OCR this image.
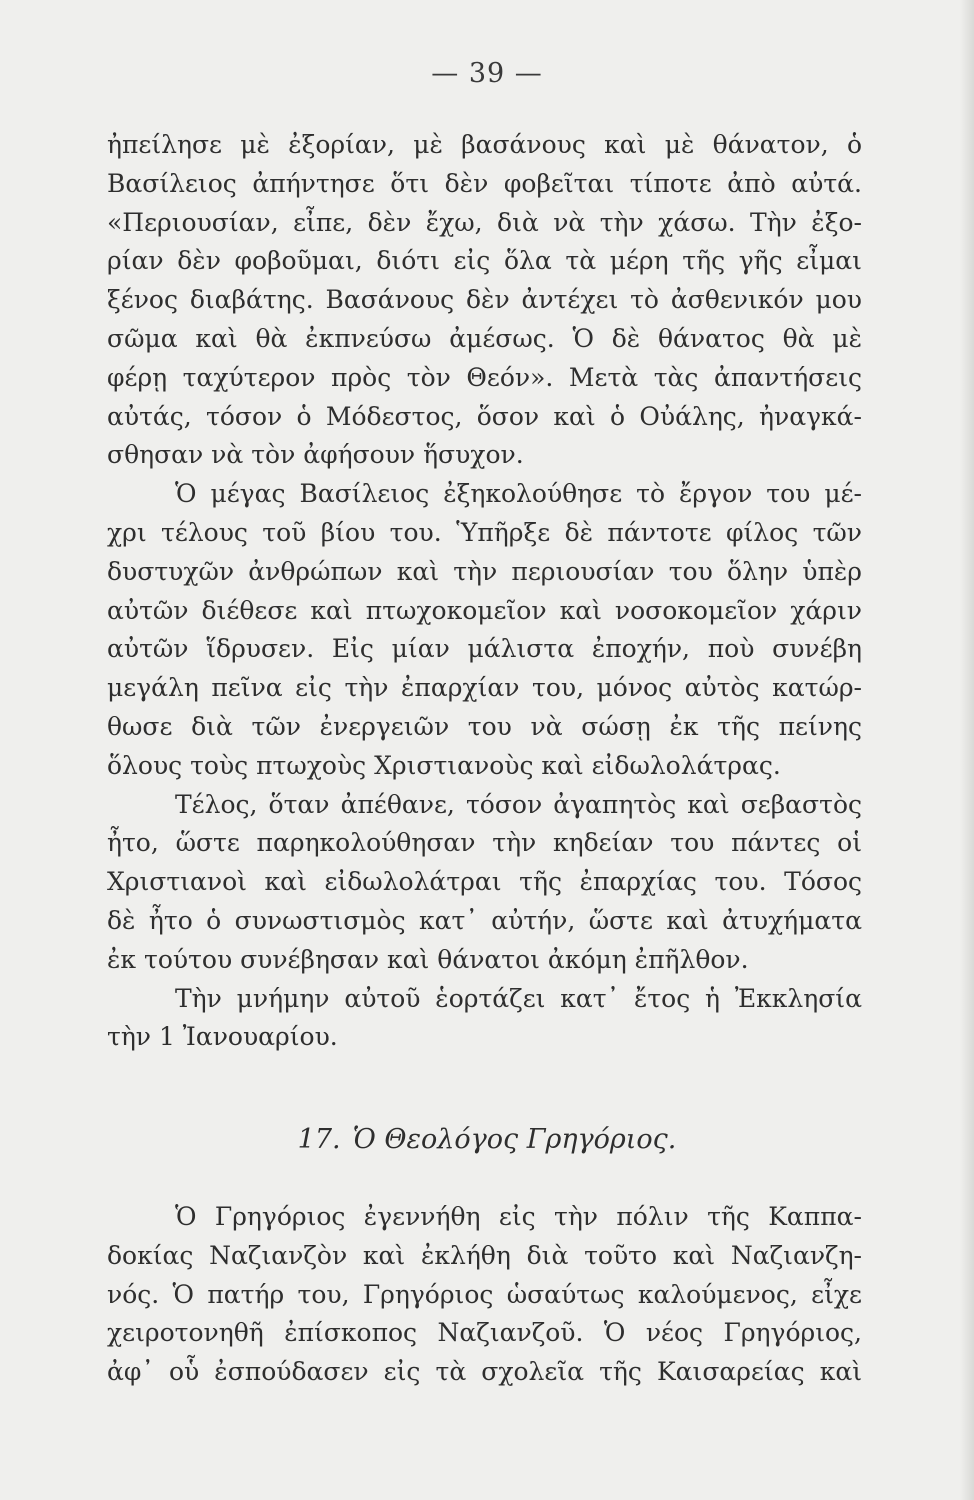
— 39 —
ἠπείλησε μὲ ἐξορίαν, μὲ βασάνους καὶ μὲ θάνατον, ὁ
Βασίλειος ἀπήντησε ὅτι δὲν φοβεῖται τίποτε ἀπὸ αὐτά.
«Περιουσίαν, εἶπε, δὲν ἔχω, διὰ νὰ τὴν χάσω. Τὴν ἐξο-
ρίαν δὲν φοβοῦμαι, διότι εἰς ὅλα τὰ μέρη τῆς γῆς εἶμαι
ξένος διαβάτης. Βασάνους δὲν ἀντέχει τὸ ἀσθενικόν μου
σῶμα καὶ θὰ ἐκπνεύσω ἀμέσως. Ὁ δὲ θάνατος θὰ μὲ
φέρῃ ταχύτερον πρὸς τὸν Θεόν». Μετὰ τὰς ἀπαντήσεις
αὐτάς, τόσον ὁ Μόδεστος, ὅσον καὶ ὁ Οὐάλης, ἠναγκά-
σθησαν νὰ τὸν ἀφήσουν ἥσυχον.
Ὁ μέγας Βασίλειος ἐξηκολούθησε τὸ ἔργον του μέ-
χρι τέλους τοῦ βίου του. Ὑπῆρξε δὲ πάντοτε φίλος τῶν
δυστυχῶν ἀνθρώπων καὶ τὴν περιουσίαν του ὅλην ὑπὲρ
αὐτῶν διέθεσε καὶ πτωχοκομεῖον καὶ νοσοκομεῖον χάριν
αὐτῶν ἵδρυσεν. Εἰς μίαν μάλιστα ἐποχήν, ποὺ συνέβη
μεγάλη πεῖνα εἰς τὴν ἐπαρχίαν του, μόνος αὐτὸς κατώρ-
θωσε διὰ τῶν ἐνεργειῶν του νὰ σώσῃ ἐκ τῆς πείνης
ὅλους τοὺς πτωχοὺς Χριστιανοὺς καὶ εἰδωλολάτρας.
Τέλος, ὅταν ἀπέθανε, τόσον ἀγαπητὸς καὶ σεβαστὸς
ἦτο, ὥστε παρηκολούθησαν τὴν κηδείαν του πάντες οἱ
Χριστιανοὶ καὶ εἰδωλολάτραι τῆς ἐπαρχίας του. Τόσος
δὲ ἦτο ὁ συνωστισμὸς κατ᾽ αὐτήν, ὥστε καὶ ἀτυχήματα
ἐκ τούτου συνέβησαν καὶ θάνατοι ἀκόμη ἐπῆλθον.
Τὴν μνήμην αὐτοῦ ἑορτάζει κατ᾽ ἔτος ἡ Ἐκκλησία
τὴν 1 Ἰανουαρίου.
17. Ὁ Θεολόγος Γρηγόριος.
Ὁ Γρηγόριος ἐγεννήθη εἰς τὴν πόλιν τῆς Καππα-
δοκίας Ναζιανζὸν καὶ ἐκλήθη διὰ τοῦτο καὶ Ναζιανζη-
νός. Ὁ πατήρ του, Γρηγόριος ὡσαύτως καλούμενος, εἶχε
χειροτονηθῆ ἐπίσκοπος Ναζιανζοῦ. Ὁ νέος Γρηγόριος,
ἀφ᾽ οὗ ἐσπούδασεν εἰς τὰ σχολεῖα τῆς Καισαρείας καὶ
